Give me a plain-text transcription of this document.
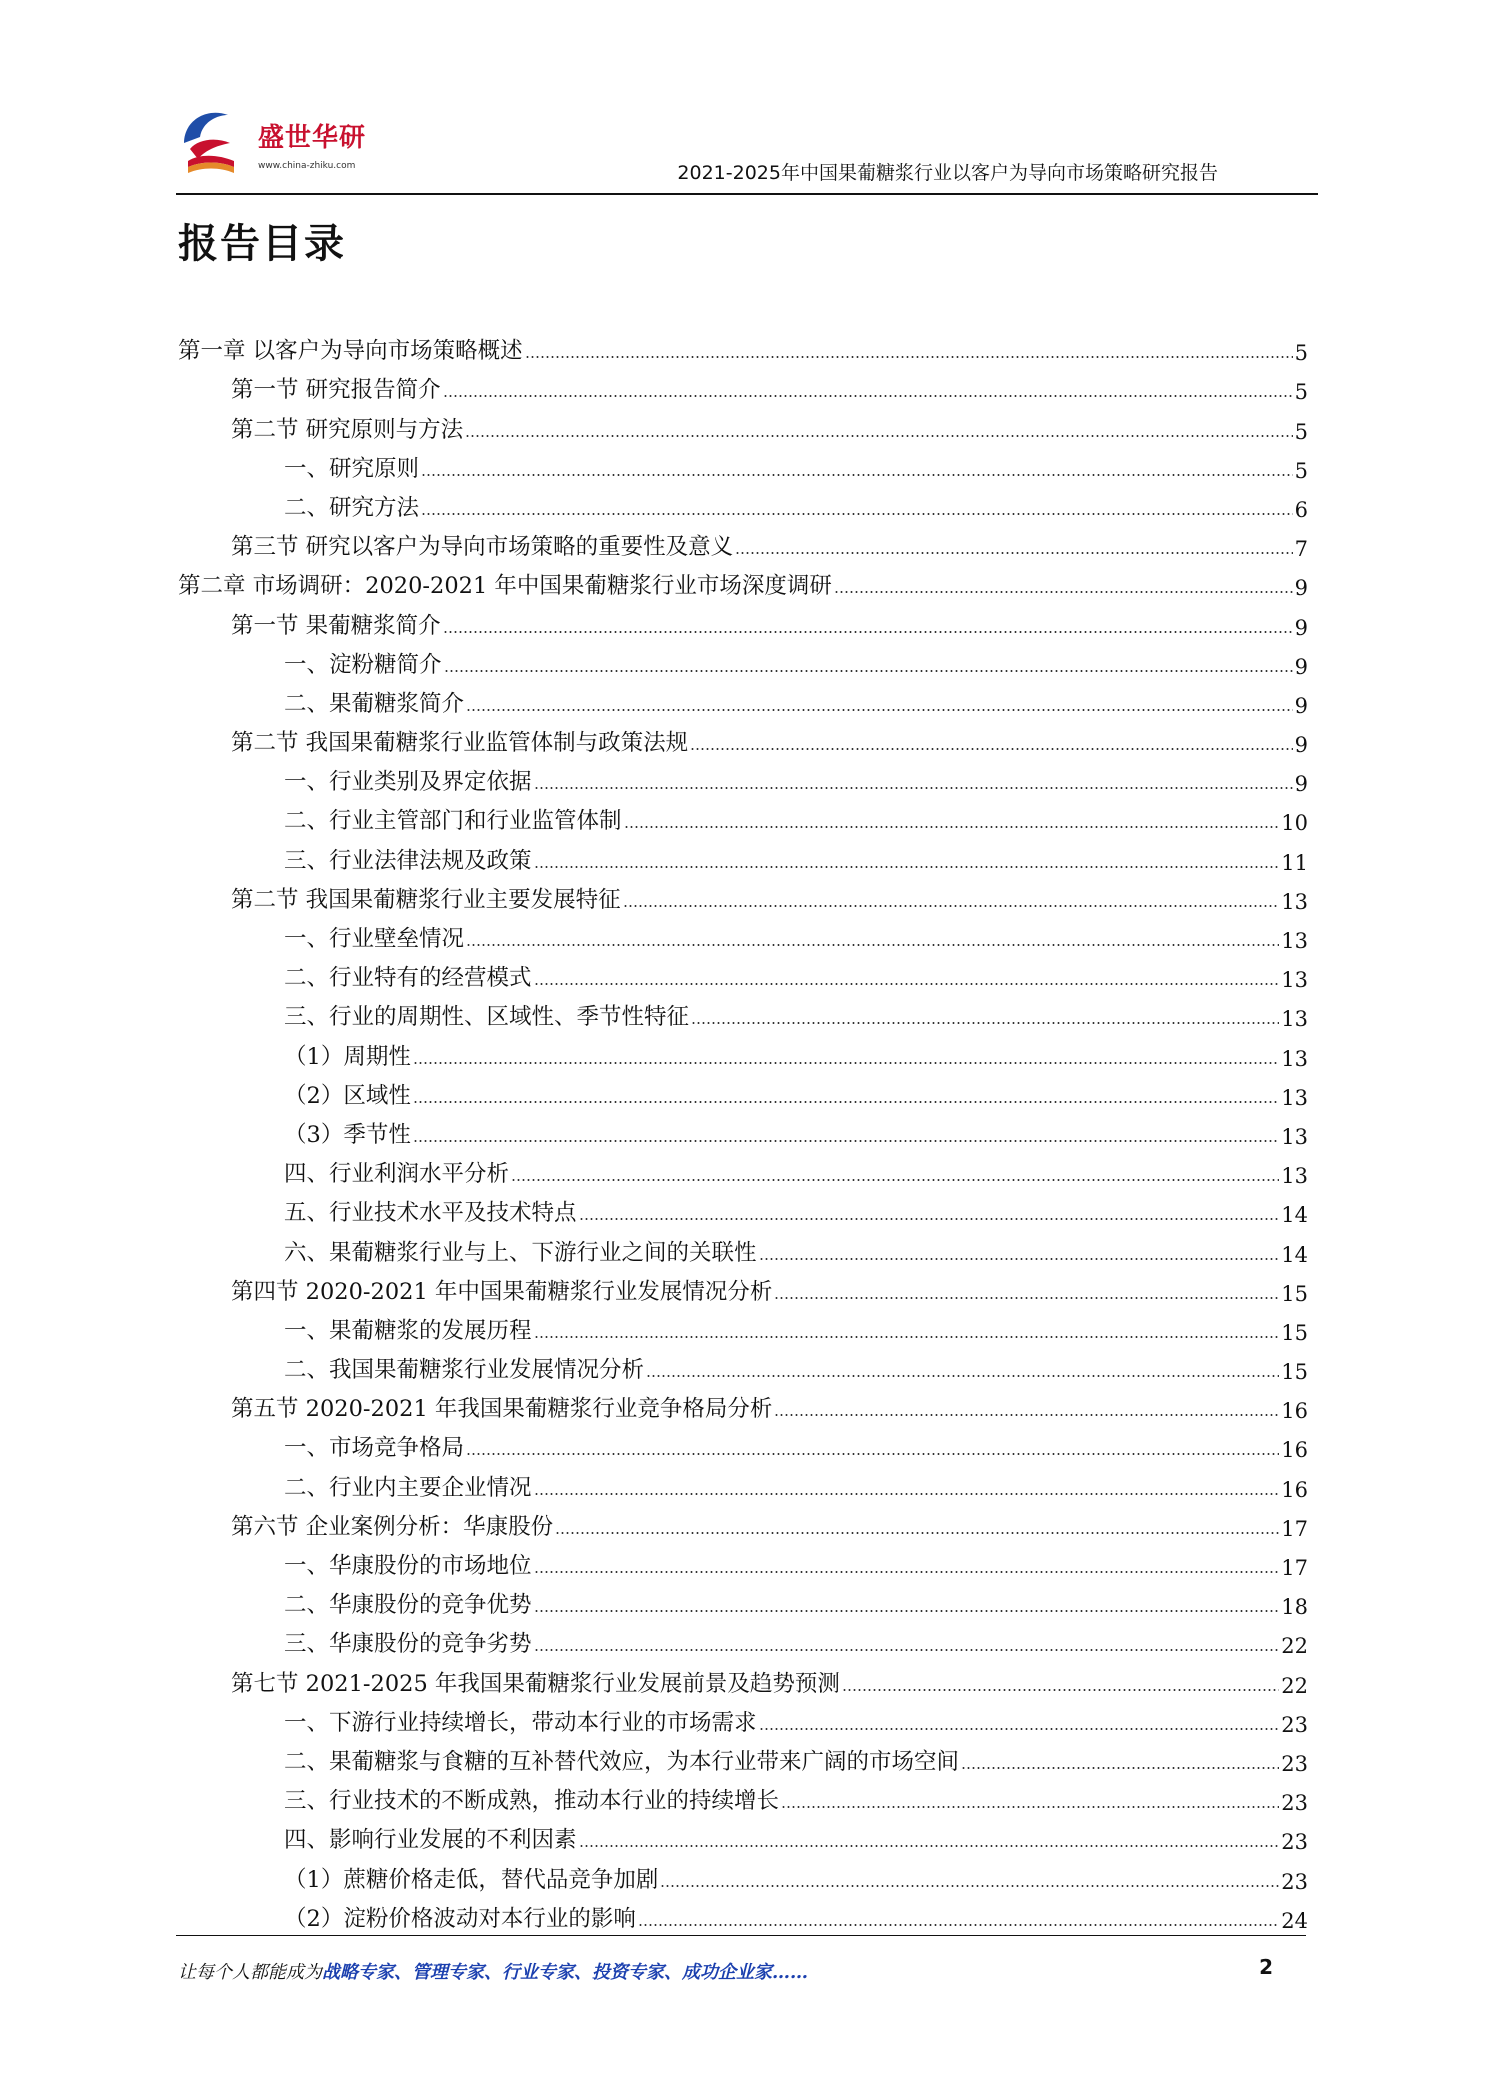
盛世华研
www.china-zhiku.com	2021-2025年中国果葡糖浆行业以客户为导向市场策略研究报告
报告目录
第一章 以客户为导向市场策略概述	5
第一节 研究报告简介	5
第二节 研究原则与方法	5
一、研究原则	5
二、研究方法	6
第三节 研究以客户为导向市场策略的重要性及意义	7
第二章 市场调研：2020-2021 年中国果葡糖浆行业市场深度调研	9
第一节 果葡糖浆简介	9
一、淀粉糖简介	9
二、果葡糖浆简介	9
第二节 我国果葡糖浆行业监管体制与政策法规	9
一、行业类别及界定依据	9
二、行业主管部门和行业监管体制	10
三、行业法律法规及政策	11
第二节 我国果葡糖浆行业主要发展特征	13
一、行业壁垒情况	13
二、行业特有的经营模式	13
三、行业的周期性、区域性、季节性特征	13
（1）周期性	13
（2）区域性	13
（3）季节性	13
四、行业利润水平分析	13
五、行业技术水平及技术特点	14
六、果葡糖浆行业与上、下游行业之间的关联性	14
第四节 2020-2021 年中国果葡糖浆行业发展情况分析	15
一、果葡糖浆的发展历程	15
二、我国果葡糖浆行业发展情况分析	15
第五节 2020-2021 年我国果葡糖浆行业竞争格局分析	16
一、市场竞争格局	16
二、行业内主要企业情况	16
第六节 企业案例分析：华康股份	17
一、华康股份的市场地位	17
二、华康股份的竞争优势	18
三、华康股份的竞争劣势	22
第七节 2021-2025 年我国果葡糖浆行业发展前景及趋势预测	22
一、下游行业持续增长，带动本行业的市场需求	23
二、果葡糖浆与食糖的互补替代效应，为本行业带来广阔的市场空间	23
三、行业技术的不断成熟，推动本行业的持续增长	23
四、影响行业发展的不利因素	23
（1）蔗糖价格走低，替代品竞争加剧	23
（2）淀粉价格波动对本行业的影响	24
让每个人都能成为战略专家、管理专家、行业专家、投资专家、成功企业家……	2
